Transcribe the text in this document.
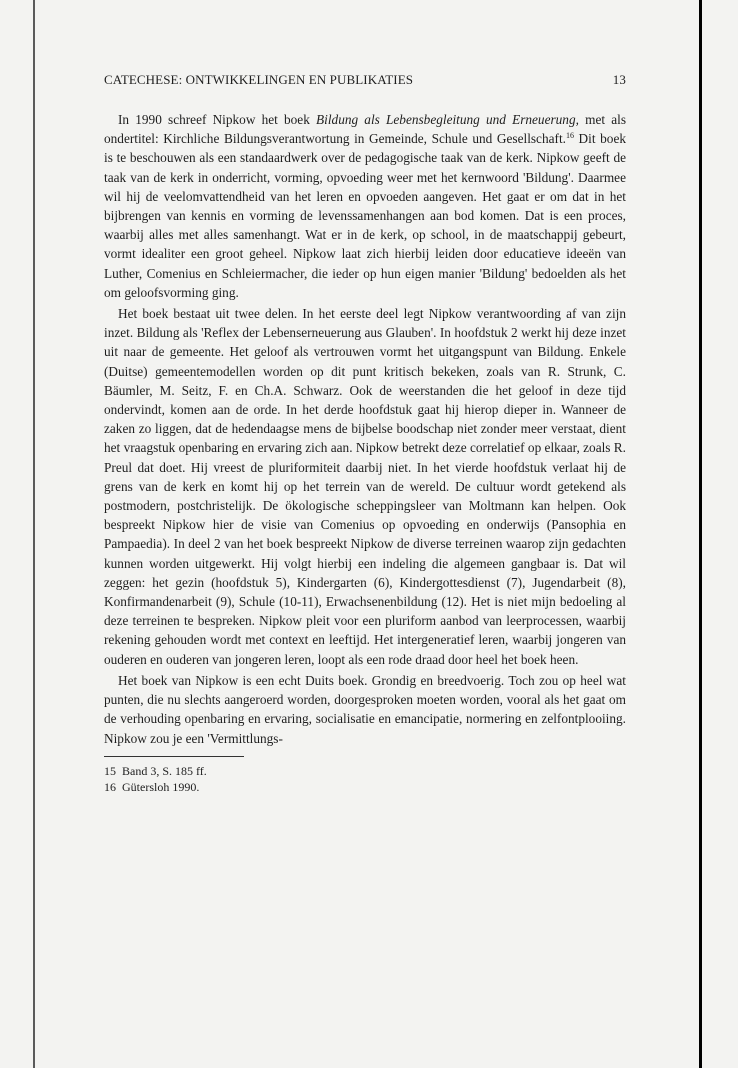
CATECHESE: ONTWIKKELINGEN EN PUBLIKATIES	13

In 1990 schreef Nipkow het boek Bildung als Lebensbegleitung und Erneuerung, met als ondertitel: Kirchliche Bildungsverantwortung in Gemeinde, Schule und Gesellschaft.$^{16}$ Dit boek is te beschouwen als een standaardwerk over de pedagogische taak van de kerk. Nipkow geeft de taak van de kerk in onderricht, vorming, opvoeding weer met het kernwoord 'Bildung'. Daarmee wil hij de veelomvattendheid van het leren en opvoeden aangeven. Het gaat er om dat in het bijbrengen van kennis en vorming de levenssamenhangen aan bod komen. Dat is een proces, waarbij alles met alles samenhangt. Wat er in de kerk, op school, in de maatschappij gebeurt, vormt idealiter een groot geheel. Nipkow laat zich hierbij leiden door educatieve ideeën van Luther, Comenius en Schleiermacher, die ieder op hun eigen manier 'Bildung' bedoelden als het om geloofsvorming ging.

Het boek bestaat uit twee delen. In het eerste deel legt Nipkow verantwoording af van zijn inzet. Bildung als 'Reflex der Lebenserneuerung aus Glauben'. In hoofdstuk 2 werkt hij deze inzet uit naar de gemeente. Het geloof als vertrouwen vormt het uitgangspunt van Bildung. Enkele (Duitse) gemeentemodellen worden op dit punt kritisch bekeken, zoals van R. Strunk, C. Bäumler, M. Seitz, F. en Ch.A. Schwarz. Ook de weerstanden die het geloof in deze tijd ondervindt, komen aan de orde. In het derde hoofdstuk gaat hij hierop dieper in. Wanneer de zaken zo liggen, dat de hedendaagse mens de bijbelse boodschap niet zonder meer verstaat, dient het vraagstuk openbaring en ervaring zich aan. Nipkow betrekt deze correlatief op elkaar, zoals R. Preul dat doet. Hij vreest de pluriformiteit daarbij niet. In het vierde hoofdstuk verlaat hij de grens van de kerk en komt hij op het terrein van de wereld. De cultuur wordt getekend als postmodern, postchristelijk. De ökologische scheppingsleer van Moltmann kan helpen. Ook bespreekt Nipkow hier de visie van Comenius op opvoeding en onderwijs (Pansophia en Pampaedia). In deel 2 van het boek bespreekt Nipkow de diverse terreinen waarop zijn gedachten kunnen worden uitgewerkt. Hij volgt hierbij een indeling die algemeen gangbaar is. Dat wil zeggen: het gezin (hoofdstuk 5), Kindergarten (6), Kindergottesdienst (7), Jugendarbeit (8), Konfirmandenarbeit (9), Schule (10-11), Erwachsenenbildung (12). Het is niet mijn bedoeling al deze terreinen te bespreken. Nipkow pleit voor een pluriform aanbod van leerprocessen, waarbij rekening gehouden wordt met context en leeftijd. Het intergeneratief leren, waarbij jongeren van ouderen en ouderen van jongeren leren, loopt als een rode draad door heel het boek heen.

Het boek van Nipkow is een echt Duits boek. Grondig en breedvoerig. Toch zou op heel wat punten, die nu slechts aangeroerd worden, doorgesproken moeten worden, vooral als het gaat om de verhouding openbaring en ervaring, socialisatie en emancipatie, normering en zelfontplooiing. Nipkow zou je een 'Vermittlungs-

15 Band 3, S. 185 ff.

16 Gütersloh 1990.
